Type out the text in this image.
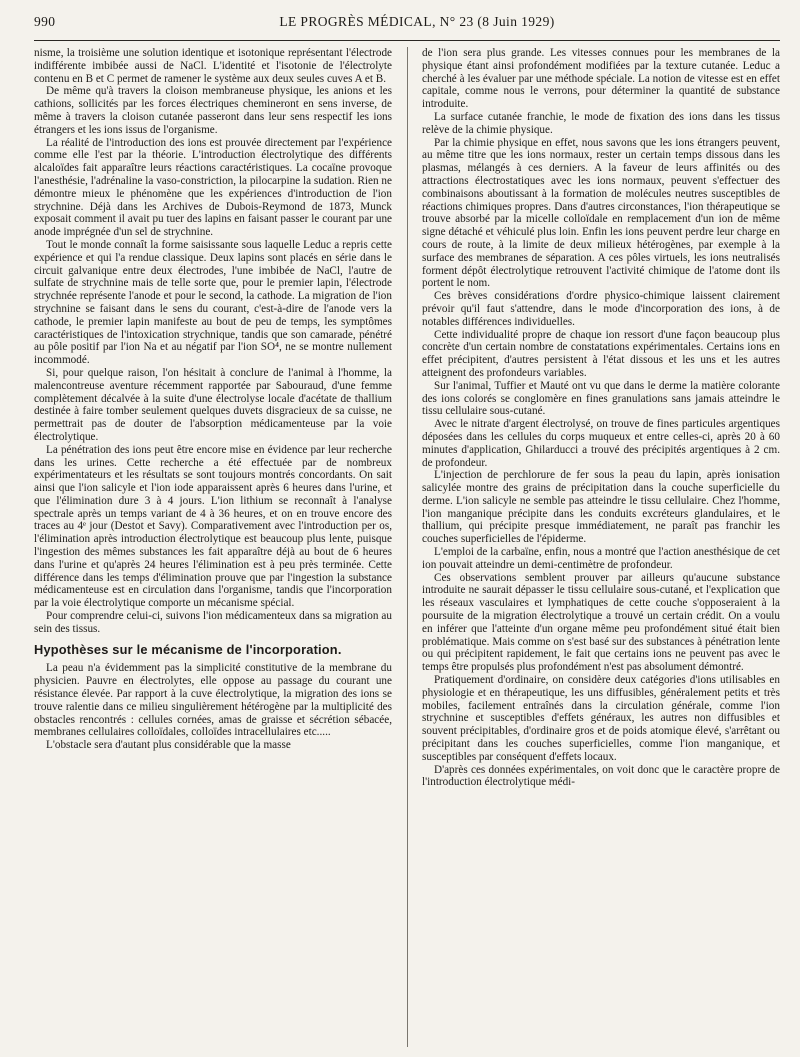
990	LE PROGRÈS MÉDICAL, N° 23 (8 Juin 1929)

nisme, la troisième une solution identique et isotonique représentant l'électrode indifférente imbibée aussi de NaCl. L'identité et l'isotonie de l'électrolyte contenu en B et C permet de ramener le système aux deux seules cuves A et B.

De même qu'à travers la cloison membraneuse physique, les anions et les cathions, sollicités par les forces électriques chemineront en sens inverse, de même à travers la cloison cutanée passeront dans leur sens respectif les ions étrangers et les ions issus de l'organisme.

La réalité de l'introduction des ions est prouvée directement par l'expérience comme elle l'est par la théorie. L'introduction électrolytique des différents alcaloïdes fait apparaître leurs réactions caractéristiques. La cocaïne provoque l'anesthésie, l'adrénaline la vaso-constriction, la pilocarpine la sudation. Rien ne démontre mieux le phénomène que les expériences d'introduction de l'ion strychnine. Déjà dans les Archives de Dubois-Reymond de 1873, Munck exposait comment il avait pu tuer des lapins en faisant passer le courant par une anode imprégnée d'un sel de strychnine.

Tout le monde connaît la forme saisissante sous laquelle Leduc a repris cette expérience et qui l'a rendue classique. Deux lapins sont placés en série dans le circuit galvanique entre deux électrodes, l'une imbibée de NaCl, l'autre de sulfate de strychnine mais de telle sorte que, pour le premier lapin, l'électrode strychnée représente l'anode et pour le second, la cathode. La migration de l'ion strychnine se faisant dans le sens du courant, c'est-à-dire de l'anode vers la cathode, le premier lapin manifeste au bout de peu de temps, les symptômes caractéristiques de l'intoxication strychnique, tandis que son camarade, pénétré au pôle positif par l'ion Na et au négatif par l'ion SO⁴, ne se montre nullement incommodé.

Si, pour quelque raison, l'on hésitait à conclure de l'animal à l'homme, la malencontreuse aventure récemment rapportée par Sabouraud, d'une femme complètement décalvée à la suite d'une électrolyse locale d'acétate de thallium destinée à faire tomber seulement quelques duvets disgracieux de sa cuisse, ne permettrait pas de douter de l'absorption médicamenteuse par la voie électrolytique.

La pénétration des ions peut être encore mise en évidence par leur recherche dans les urines. Cette recherche a été effectuée par de nombreux expérimentateurs et les résultats se sont toujours montrés concordants. On sait ainsi que l'ion salicyle et l'ion iode apparaissent après 6 heures dans l'urine, et que l'élimination dure 3 à 4 jours. L'ion lithium se reconnaît à l'analyse spectrale après un temps variant de 4 à 36 heures, et on en trouve encore des traces au 4ᵉ jour (Destot et Savy). Comparativement avec l'introduction per os, l'élimination après introduction électrolytique est beaucoup plus lente, puisque l'ingestion des mêmes substances les fait apparaître déjà au bout de 6 heures dans l'urine et qu'après 24 heures l'élimination est à peu près terminée. Cette différence dans les temps d'élimination prouve que par l'ingestion la substance médicamenteuse est en circulation dans l'organisme, tandis que l'incorporation par la voie électrolytique comporte un mécanisme spécial.

Pour comprendre celui-ci, suivons l'ion médicamenteux dans sa migration au sein des tissus.

Hypothèses sur le mécanisme de l'incorporation.

La peau n'a évidemment pas la simplicité constitutive de la membrane du physicien. Pauvre en électrolytes, elle oppose au passage du courant une résistance élevée. Par rapport à la cuve électrolytique, la migration des ions se trouve ralentie dans ce milieu singulièrement hétérogène par la multiplicité des obstacles rencontrés : cellules cornées, amas de graisse et sécrétion sébacée, membranes cellulaires colloïdales, colloïdes intracellulaires etc.....

L'obstacle sera d'autant plus considérable que la masse

de l'ion sera plus grande. Les vitesses connues pour les membranes de la physique étant ainsi profondément modifiées par la texture cutanée. Leduc a cherché à les évaluer par une méthode spéciale. La notion de vitesse est en effet capitale, comme nous le verrons, pour déterminer la quantité de substance introduite.

La surface cutanée franchie, le mode de fixation des ions dans les tissus relève de la chimie physique.

Par la chimie physique en effet, nous savons que les ions étrangers peuvent, au même titre que les ions normaux, rester un certain temps dissous dans les plasmas, mélangés à ces derniers. A la faveur de leurs affinités ou des attractions électrostatiques avec les ions normaux, peuvent s'effectuer des combinaisons aboutissant à la formation de molécules neutres susceptibles de réactions chimiques propres. Dans d'autres circonstances, l'ion thérapeutique se trouve absorbé par la micelle colloïdale en remplacement d'un ion de même signe détaché et véhiculé plus loin. Enfin les ions peuvent perdre leur charge en cours de route, à la limite de deux milieux hétérogènes, par exemple à la surface des membranes de séparation. A ces pôles virtuels, les ions neutralisés forment dépôt électrolytique retrouvent l'activité chimique de l'atome dont ils portent le nom.

Ces brèves considérations d'ordre physico-chimique laissent clairement prévoir qu'il faut s'attendre, dans le mode d'incorporation des ions, à de notables différences individuelles.

Cette individualité propre de chaque ion ressort d'une façon beaucoup plus concrète d'un certain nombre de constatations expérimentales. Certains ions en effet précipitent, d'autres persistent à l'état dissous et les uns et les autres atteignent des profondeurs variables.

Sur l'animal, Tuffier et Mauté ont vu que dans le derme la matière colorante des ions colorés se conglomère en fines granulations sans jamais atteindre le tissu cellulaire sous-cutané.

Avec le nitrate d'argent électrolysé, on trouve de fines particules argentiques déposées dans les cellules du corps muqueux et entre celles-ci, après 20 à 60 minutes d'application, Ghilarducci a trouvé des précipités argentiques à 2 cm. de profondeur.

L'injection de perchlorure de fer sous la peau du lapin, après ionisation salicylée montre des grains de précipitation dans la couche superficielle du derme. L'ion salicyle ne semble pas atteindre le tissu cellulaire. Chez l'homme, l'ion manganique précipite dans les conduits excréteurs glandulaires, et le thallium, qui précipite presque immédiatement, ne paraît pas franchir les couches superficielles de l'épiderme.

L'emploi de la carbaïne, enfin, nous a montré que l'action anesthésique de cet ion pouvait atteindre un demi-centimètre de profondeur.

Ces observations semblent prouver par ailleurs qu'aucune substance introduite ne saurait dépasser le tissu cellulaire sous-cutané, et l'explication que les réseaux vasculaires et lymphatiques de cette couche s'opposeraient à la poursuite de la migration électrolytique a trouvé un certain crédit. On a voulu en inférer que l'atteinte d'un organe même peu profondément situé était bien problématique. Mais comme on s'est basé sur des substances à pénétration lente ou qui précipitent rapidement, le fait que certains ions ne peuvent pas avec le temps être propulsés plus profondément n'est pas absolument démontré.

Pratiquement d'ordinaire, on considère deux catégories d'ions utilisables en physiologie et en thérapeutique, les uns diffusibles, généralement petits et très mobiles, facilement entraînés dans la circulation générale, comme l'ion strychnine et susceptibles d'effets généraux, les autres non diffusibles et souvent précipitables, d'ordinaire gros et de poids atomique élevé, s'arrêtant ou précipitant dans les couches superficielles, comme l'ion manganique, et susceptibles par conséquent d'effets locaux.

D'après ces données expérimentales, on voit donc que le caractère propre de l'introduction électrolytique médi-
